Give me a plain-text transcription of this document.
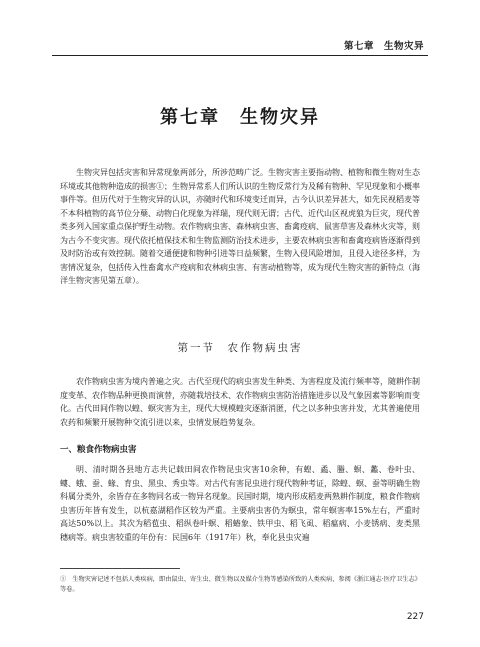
第七章　生物灾异
第七章　生物灾异

生物灾异包括灾害和异常现象两部分，所涉范畴广泛。生物灾害主要指动物、植物和微生物对生态环境或其他物种造成的损害①；生物异常系人们所认识的生物反常行为及稀有物种、罕见现象和小概率事件等。但历代对于生物灾异的认识，亦随时代和环境变迁而异，古今认识差异甚大，如先民视稻麦等不本科植物的高节位分蘖、动物白化现象为祥瑞，现代则无谓；古代、近代山区视虎狼为巨灾，现代普类多列入国家重点保护野生动物。农作物病虫害、森林病虫害、畜禽疫病、鼠害草害及森林火灾等，则为古今不变灾害。现代依托植保技术和生物监测防治技术进步，主要农林病虫害和畜禽疫病皆逐渐得到及时防治或有效控制。随着交通便捷和物种引进等日益频繁，生物入侵风险增加，且侵入途径多样，为害情况复杂，包括传入性畜禽水产疫病和农林病虫害、有害动植物等，成为现代生物灾害的新特点（海洋生物灾害见第五章）。

第一节　农作物病虫害

农作物病虫害为境内普遍之灾。古代至现代的病虫害发生种类、为害程度及流行频率等，随耕作制度变革、农作物品种更换而演替，亦随栽培技术、农作物病虫害防治措施进步以及气象因素等影响而变化。古代田间作物以蝗、螟灾害为主，现代大规模蝗灾逐渐消匿，代之以多种虫害并发，尤其普遍使用农药和频繁开展物种交流引进以来，虫情发展趋势复杂。

一、粮食作物病虫害

明、清时期各县地方志共记载田间农作物昆虫灾害10余种，有蝗、蟊、螣、螟、蠡、卷叶虫、螻、蛾、蚕、蝝、育虫、黑虫、秀虫等。对古代有害昆虫进行现代物种考证，除蝗、螟、蚕等明确生物科属分类外，余皆存在多物同名或一物异名现象。民国时期，境内形成稻麦两熟耕作制度，粮食作物病虫害历年皆有发生，以杭嘉湖稻作区较为严重。主要病虫害仍为螟虫，常年螟害率15%左右，严重时高达50%以上。其次为稻苞虫、稻纵卷叶螟、稻蝽象、铁甲虫、稻飞虱、稻瘟病、小麦锈病、麦类黑穗病等。病虫害较重的年份有：民国6年（1917年）秋，奉化县虫灾遍

①　生物灾害记述不包括人类疾病，即由鼠虫、寄生虫、微生物以及媒介生物等感染所致的人类疾病，参阅《浙江通志·医疗卫生志》等卷。

227
